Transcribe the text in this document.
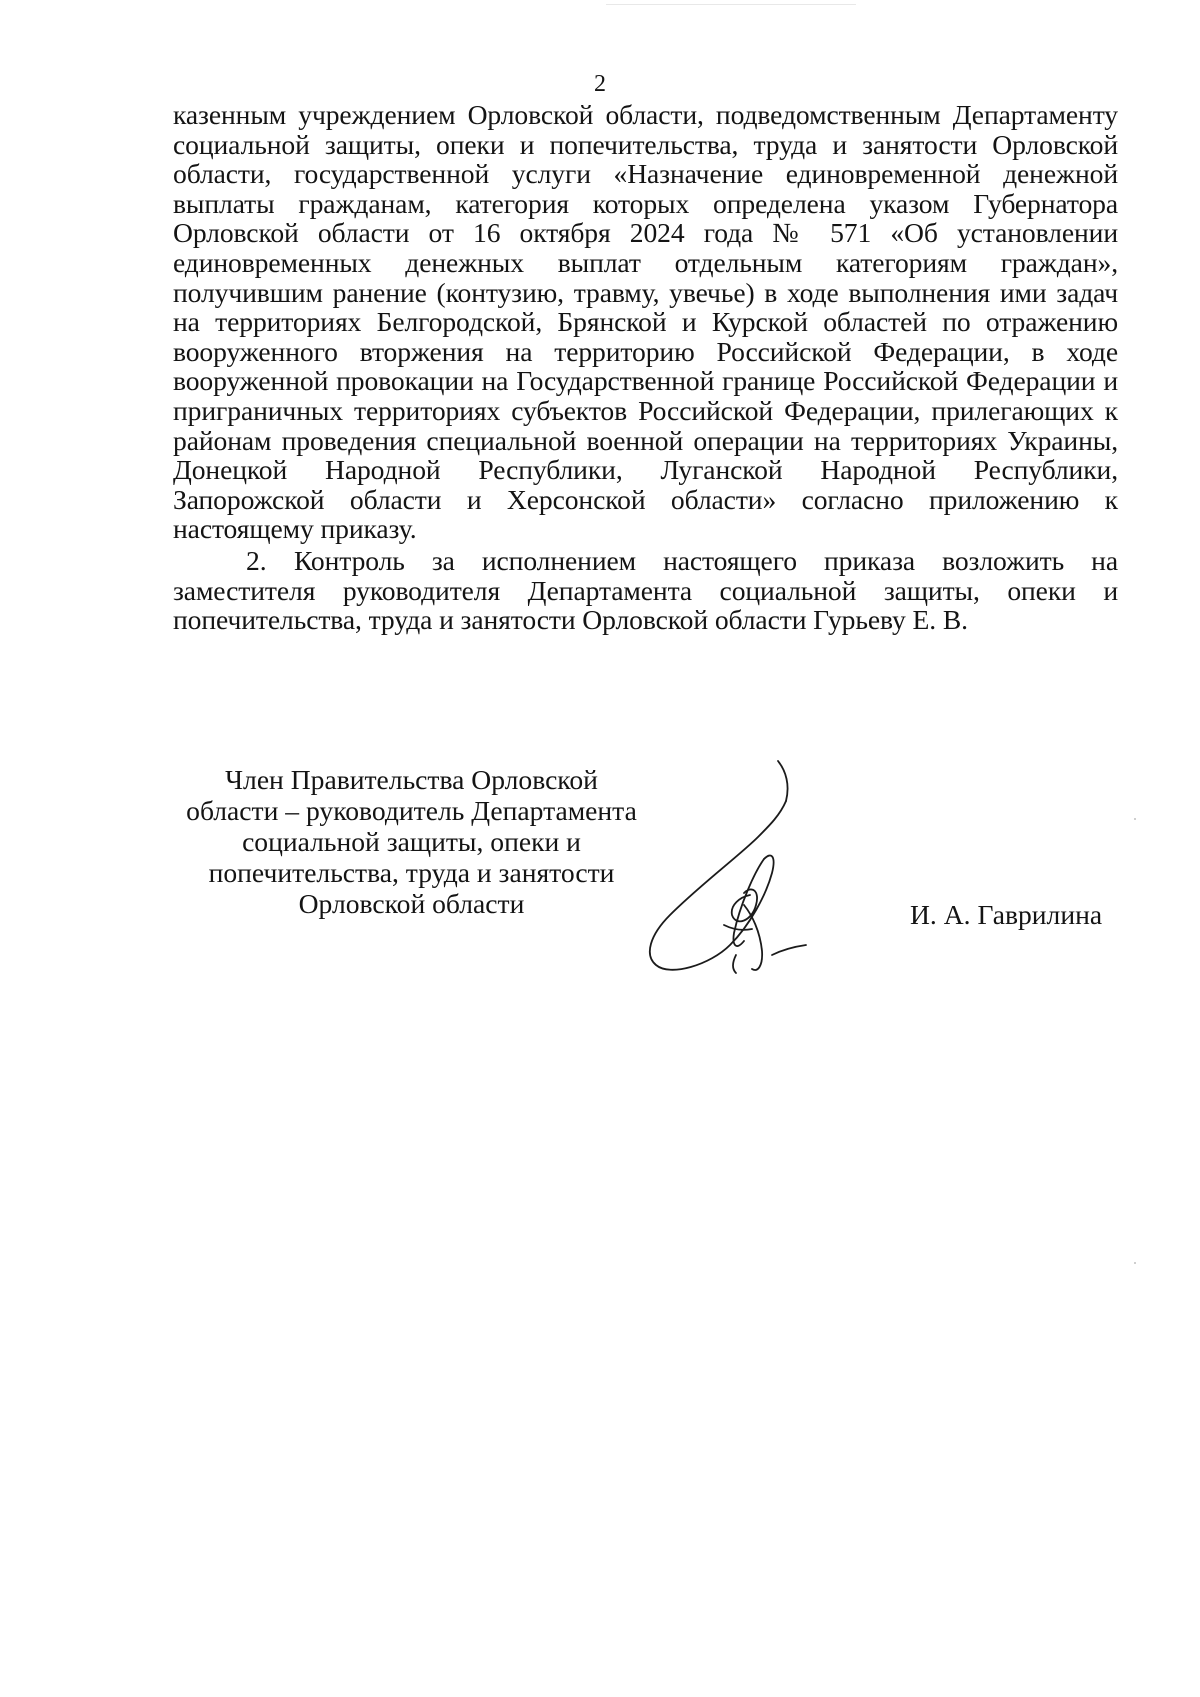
2

казенным учреждением Орловской области, подведомственным Департаменту социальной защиты, опеки и попечительства, труда и занятости Орловской области, государственной услуги «Назначение единовременной денежной выплаты гражданам, категория которых определена указом Губернатора Орловской области от 16 октября 2024 года № 571 «Об установлении единовременных денежных выплат отдельным категориям граждан», получившим ранение (контузию, травму, увечье) в ходе выполнения ими задач на территориях Белгородской, Брянской и Курской областей по отражению вооруженного вторжения на территорию Российской Федерации, в ходе вооруженной провокации на Государственной границе Российской Федерации и приграничных территориях субъектов Российской Федерации, прилегающих к районам проведения специальной военной операции на территориях Украины, Донецкой Народной Республики, Луганской Народной Республики, Запорожской области и Херсонской области» согласно приложению к настоящему приказу.

2. Контроль за исполнением настоящего приказа возложить на заместителя руководителя Департамента социальной защиты, опеки и попечительства, труда и занятости Орловской области Гурьеву Е. В.

Член Правительства Орловской
области – руководитель Департамента
социальной защиты, опеки и
попечительства, труда и занятости
Орловской области	И. А. Гаврилина
